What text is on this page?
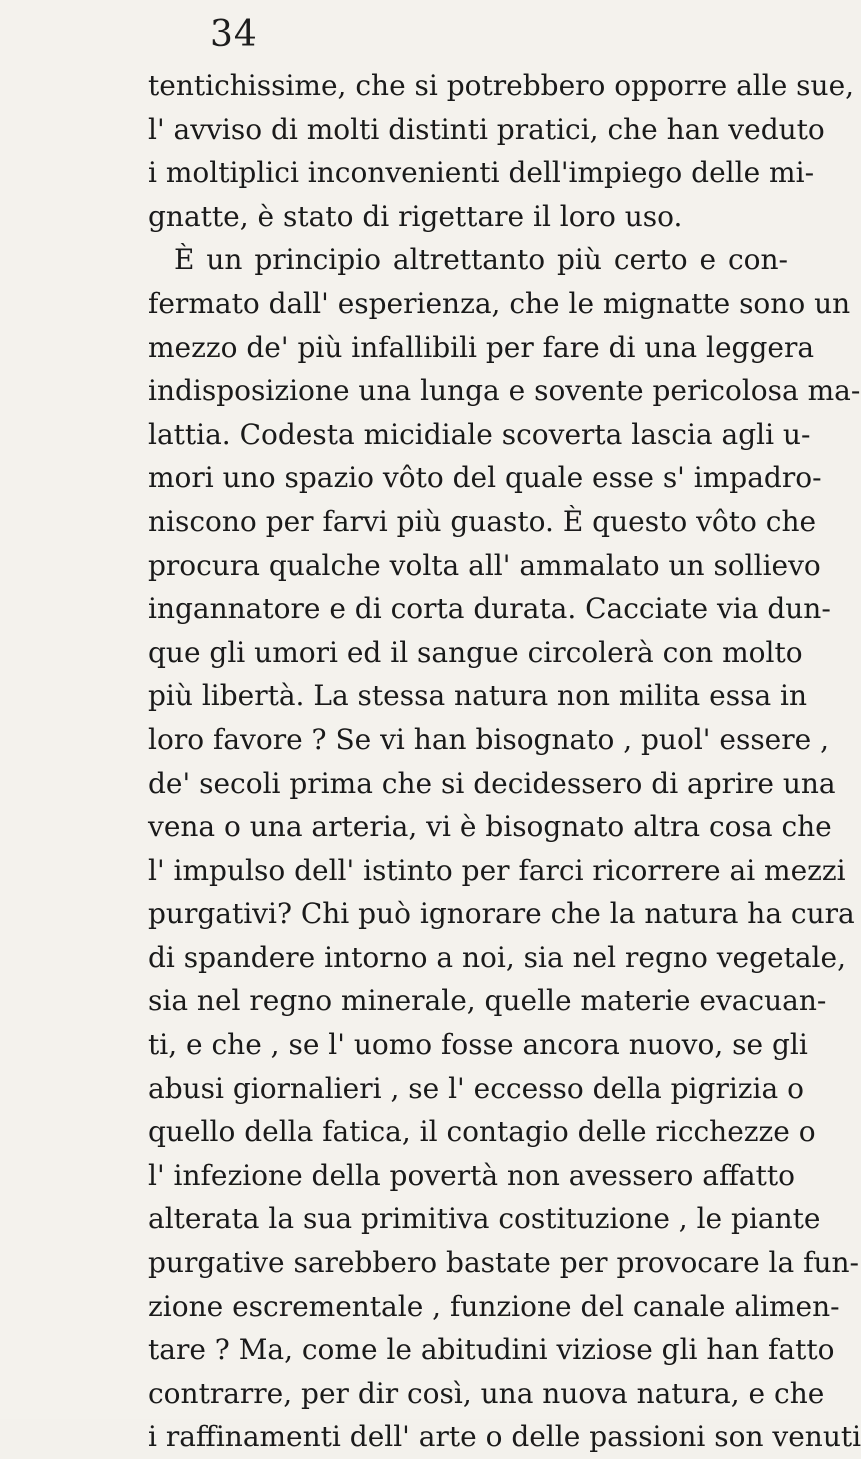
34
tentichissime, che si potrebbero opporre alle sue,
l' avviso di molti distinti pratici, che han veduto
i moltiplici inconvenienti dell'impiego delle mi-
gnatte, è stato di rigettare il loro uso.
È un principio altrettanto più certo e con-
fermato dall' esperienza, che le mignatte sono un
mezzo de' più infallibili per fare di una leggera
indisposizione una lunga e sovente pericolosa ma-
lattia. Codesta micidiale scoverta lascia agli u-
mori uno spazio vôto del quale esse s' impadro-
niscono per farvi più guasto. È questo vôto che
procura qualche volta all' ammalato un sollievo
ingannatore e di corta durata. Cacciate via dun-
que gli umori ed il sangue circolerà con molto
più libertà. La stessa natura non milita essa in
loro favore ? Se vi han bisognato , puol' essere ,
de' secoli prima che si decidessero di aprire una
vena o una arteria, vi è bisognato altra cosa che
l' impulso dell' istinto per farci ricorrere ai mezzi
purgativi? Chi può ignorare che la natura ha cura
di spandere intorno a noi, sia nel regno vegetale,
sia nel regno minerale, quelle materie evacuan-
ti, e che , se l' uomo fosse ancora nuovo, se gli
abusi giornalieri , se l' eccesso della pigrizia o
quello della fatica, il contagio delle ricchezze o
l' infezione della povertà non avessero affatto
alterata la sua primitiva costituzione , le piante
purgative sarebbero bastate per provocare la fun-
zione escrementale , funzione del canale alimen-
tare ? Ma, come le abitudini viziose gli han fatto
contrarre, per dir così, una nuova natura, e che
i raffinamenti dell' arte o delle passioni son venuti
